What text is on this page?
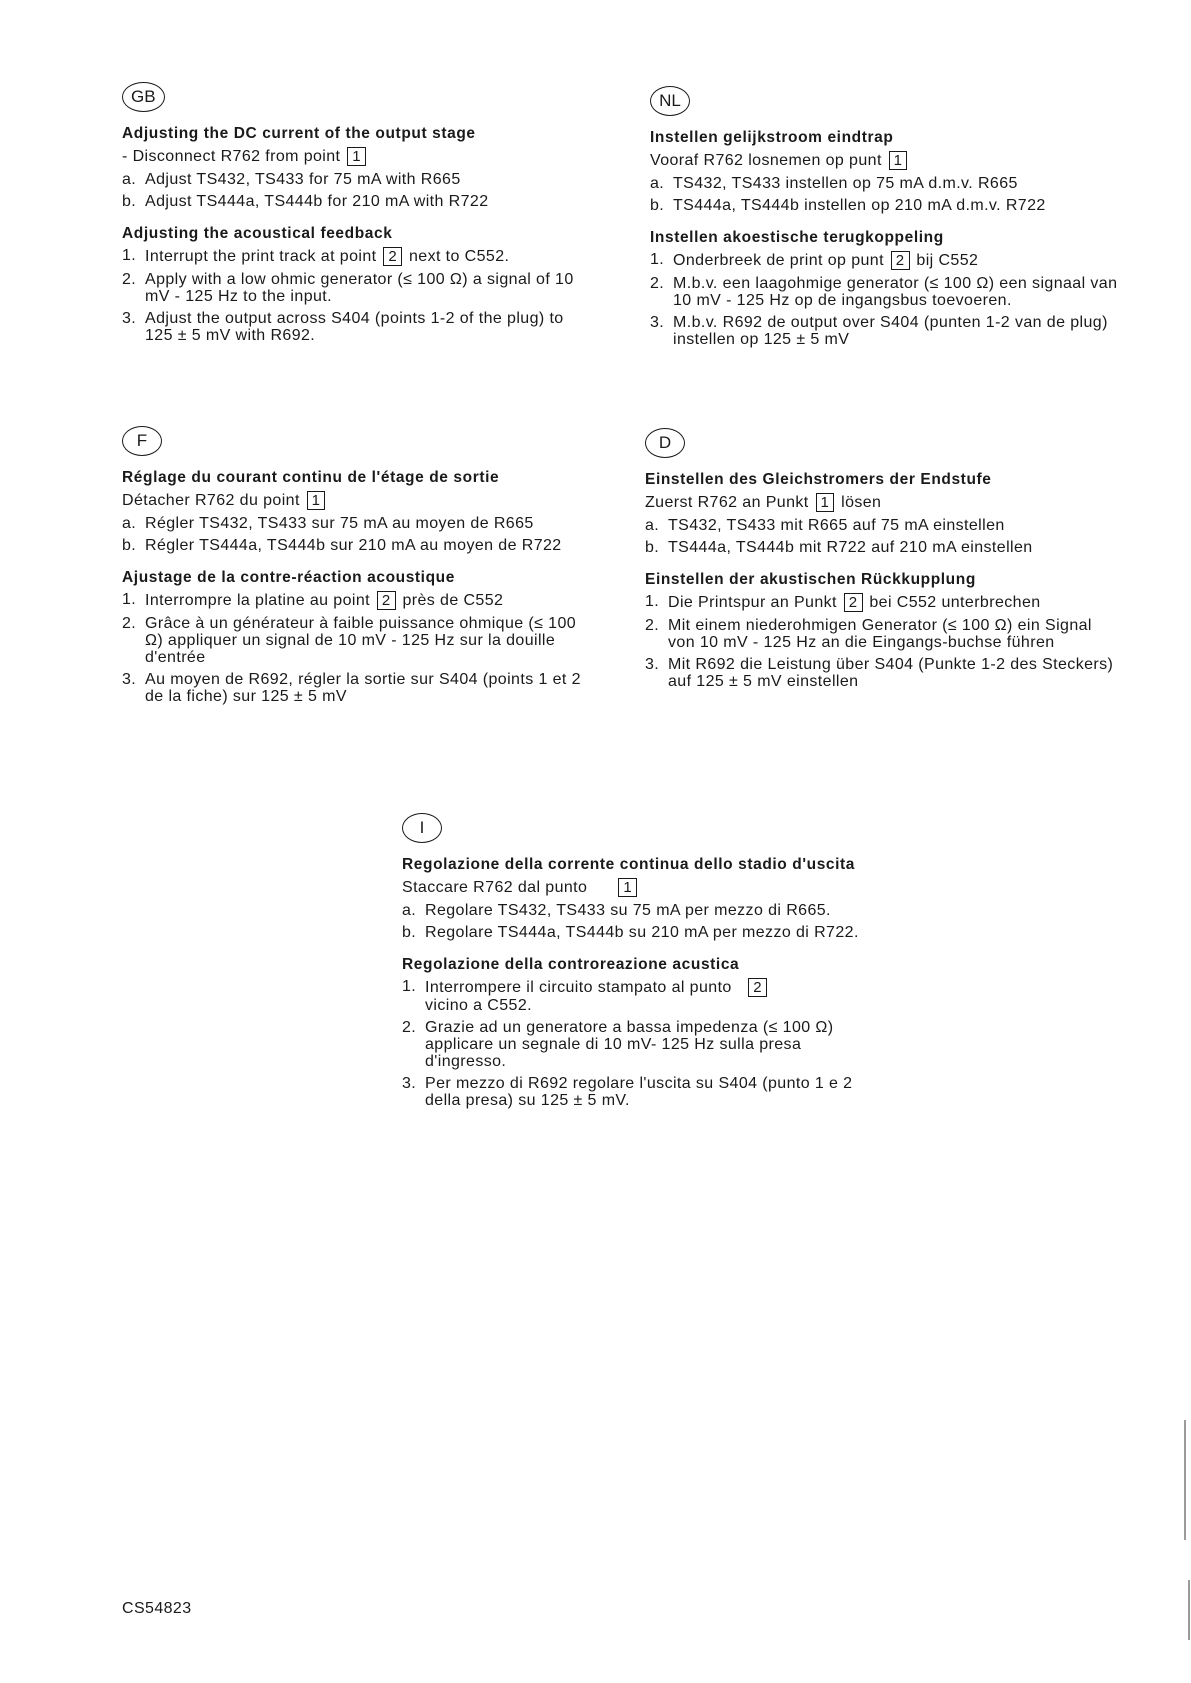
GB
Adjusting the DC current of the output stage
- Disconnect R762 from point 1
a. Adjust TS432, TS433 for 75 mA with R665
b. Adjust TS444a, TS444b for 210 mA with R722
Adjusting the acoustical feedback
1. Interrupt the print track at point 2 next to C552.
2. Apply with a low ohmic generator (≤ 100 Ω) a signal of 10 mV - 125 Hz to the input.
3. Adjust the output across S404 (points 1-2 of the plug) to 125 ± 5 mV with R692.
NL
Instellen gelijkstroom eindtrap
Vooraf R762 losnemen op punt 1
a. TS432, TS433 instellen op 75 mA d.m.v. R665
b. TS444a, TS444b instellen op 210 mA d.m.v. R722
Instellen akoestische terugkoppeling
1. Onderbreek de print op punt 2 bij C552
2. M.b.v. een laagohmige generator (≤ 100 Ω) een signaal van 10 mV - 125 Hz op de ingangsbus toevoeren.
3. M.b.v. R692 de output over S404 (punten 1-2 van de plug) instellen op 125 ± 5 mV
F
Réglage du courant continu de l'étage de sortie
Détacher R762 du point 1
a. Régler TS432, TS433 sur 75 mA au moyen de R665
b. Régler TS444a, TS444b sur 210 mA au moyen de R722
Ajustage de la contre-réaction acoustique
1. Interrompre la platine au point 2 près de C552
2. Grâce à un générateur à faible puissance ohmique (≤ 100 Ω) appliquer un signal de 10 mV - 125 Hz sur la douille d'entrée
3. Au moyen de R692, régler la sortie sur S404 (points 1 et 2 de la fiche) sur 125 ± 5 mV
D
Einstellen des Gleichstromers der Endstufe
Zuerst R762 an Punkt 1 lösen
a. TS432, TS433 mit R665 auf 75 mA einstellen
b. TS444a, TS444b mit R722 auf 210 mA einstellen
Einstellen der akustischen Rückkupplung
1. Die Printspur an Punkt 2 bei C552 unterbrechen
2. Mit einem niederohmigen Generator (≤ 100 Ω) ein Signal von 10 mV - 125 Hz an die Eingangs-buchse führen
3. Mit R692 die Leistung über S404 (Punkte 1-2 des Steckers) auf 125 ± 5 mV einstellen
I
Regolazione della corrente continua dello stadio d'uscita
Staccare R762 dal punto 1
a. Regolare TS432, TS433 su 75 mA per mezzo di R665.
b. Regolare TS444a, TS444b su 210 mA per mezzo di R722.
Regolazione della controreazione acustica
1. Interrompere il circuito stampato al punto 2
vicino a C552.
2. Grazie ad un generatore a bassa impedenza (≤ 100 Ω) applicare un segnale di 10 mV- 125 Hz sulla presa d'ingresso.
3. Per mezzo di R692 regolare l'uscita su S404 (punto 1 e 2 della presa) su 125 ± 5 mV.
CS54823
